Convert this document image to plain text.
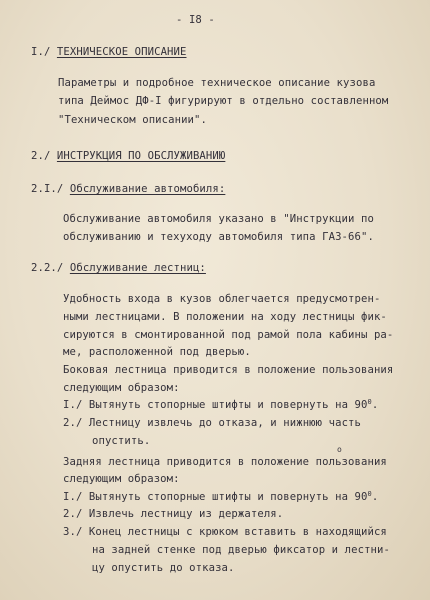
- I8 -
I./ ТЕХНИЧЕСКОЕ ОПИСАНИЕ
Параметры и подробное техническое описание кузова
типа Деймос ДФ-I фигурируют в отдельно составленном
"Техническом описании".
2./ ИНСТРУКЦИЯ ПО ОБСЛУЖИВАНИЮ
2.I./ Обслуживание автомобиля:
Обслуживание автомобиля указано в "Инструкции по
обслуживанию и техуходу автомобиля типа ГАЗ-66".
2.2./ Обслуживание лестниц:
Удобность входа в кузов облегчается предусмотрен-
ными лестницами. В положении на ходу лестницы фик-
сируются в смонтированной под рамой пола кабины ра-
ме, расположенной под дверью.
Боковая лестница приводится в положение пользования
следующим образом:
I./ Вытянуть стопорные штифты и повернуть на $90^0$.
2./ Лестницу извлечь до отказа, и нижнюю часть
опустить.
o
Задняя лестница приводится в положение пользования
следующим образом:
I./ Вытянуть стопорные штифты и повернуть на $90^0$.
2./ Извлечь лестницу из держателя.
3./ Конец лестницы с крюком вставить в находящийся
на задней стенке под дверью фиксатор и лестни-
цу опустить до отказа.
